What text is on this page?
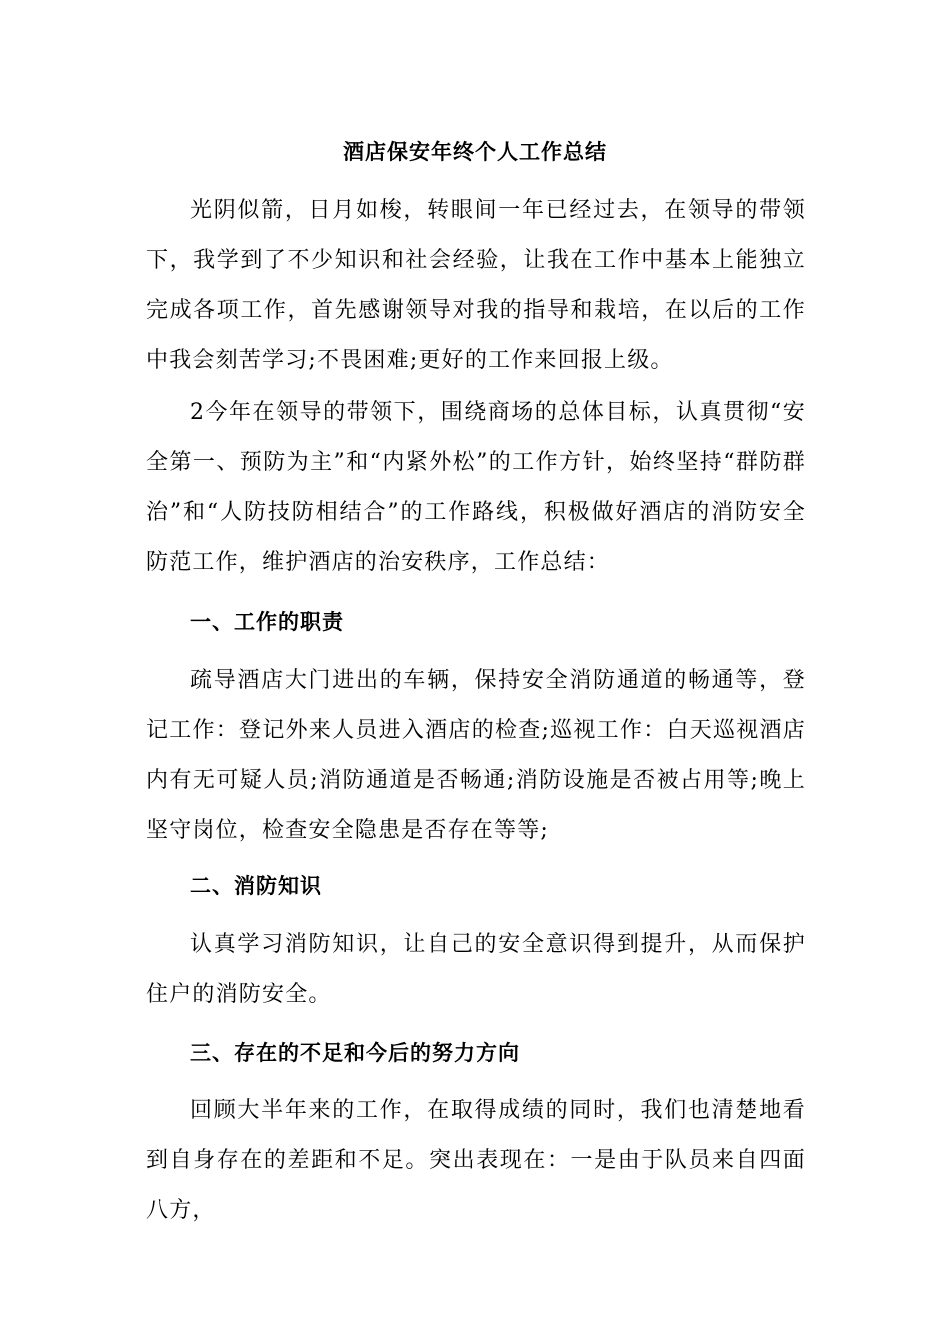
酒店保安年终个人工作总结

光阴似箭，日月如梭，转眼间一年已经过去，在领导的带领下，我学到了不少知识和社会经验，让我在工作中基本上能独立完成各项工作，首先感谢领导对我的指导和栽培，在以后的工作中我会刻苦学习;不畏困难;更好的工作来回报上级。

2今年在领导的带领下，围绕商场的总体目标，认真贯彻“安全第一、预防为主”和“内紧外松”的工作方针，始终坚持“群防群治”和“人防技防相结合”的工作路线，积极做好酒店的消防安全防范工作，维护酒店的治安秩序，工作总结：

一、工作的职责

疏导酒店大门进出的车辆，保持安全消防通道的畅通等，登记工作：登记外来人员进入酒店的检查;巡视工作：白天巡视酒店内有无可疑人员;消防通道是否畅通;消防设施是否被占用等;晚上坚守岗位，检查安全隐患是否存在等等;

二、消防知识

认真学习消防知识，让自己的安全意识得到提升，从而保护住户的消防安全。

三、存在的不足和今后的努力方向

回顾大半年来的工作，在取得成绩的同时，我们也清楚地看到自身存在的差距和不足。突出表现在：一是由于队员来自四面八方，
